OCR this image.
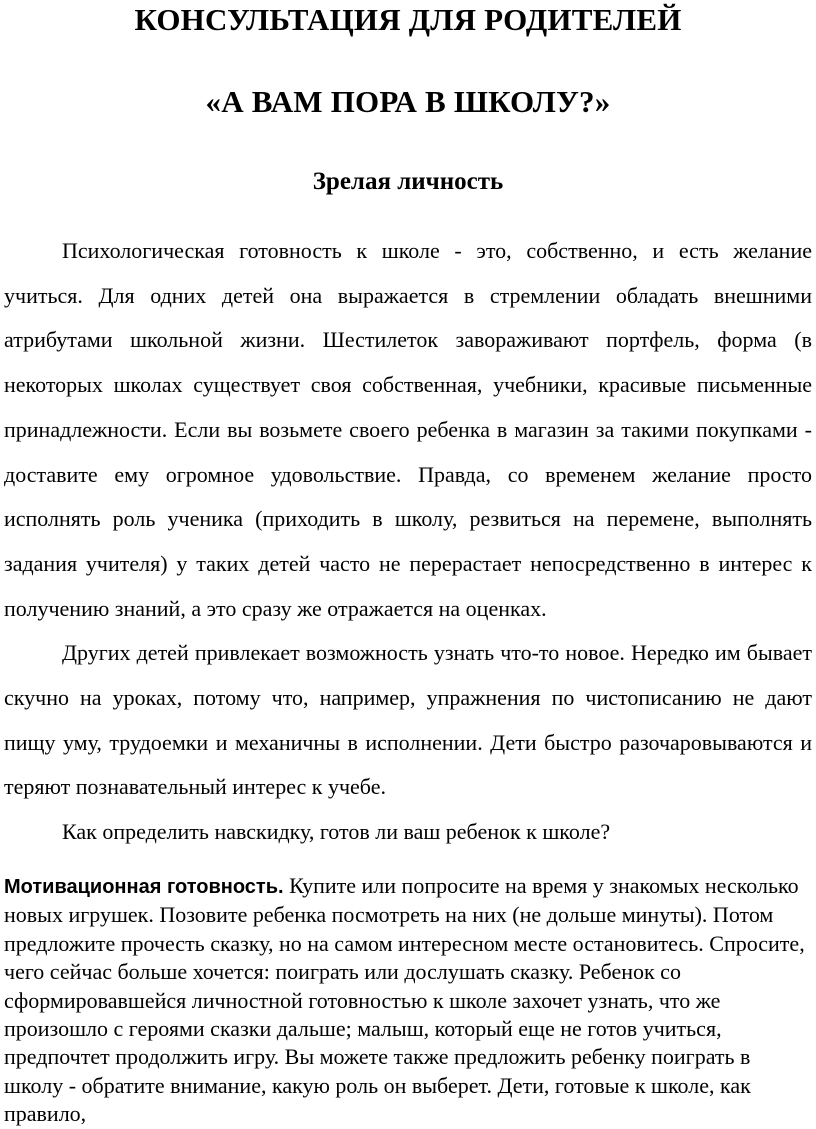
КОНСУЛЬТАЦИЯ ДЛЯ РОДИТЕЛЕЙ
«А ВАМ ПОРА В ШКОЛУ?»
Зрелая личность

Психологическая готовность к школе - это, собственно, и есть желание учиться. Для одних детей она выражается в стремлении обладать внешними атрибутами школьной жизни. Шестилеток завораживают портфель, форма (в некоторых школах существует своя собственная, учебники, красивые письменные принадлежности. Если вы возьмете своего ребенка в магазин за такими покупками - доставите ему огромное удовольствие. Правда, со временем желание просто исполнять роль ученика (приходить в школу, резвиться на перемене, выполнять задания учителя) у таких детей часто не перерастает непосредственно в интерес к получению знаний, а это сразу же отражается на оценках.

Других детей привлекает возможность узнать что-то новое. Нередко им бывает скучно на уроках, потому что, например, упражнения по чистописанию не дают пищу уму, трудоемки и механичны в исполнении. Дети быстро разочаровываются и теряют познавательный интерес к учебе.

Как определить навскидку, готов ли ваш ребенок к школе?

Мотивационная готовность. Купите или попросите на время у знакомых несколько новых игрушек. Позовите ребенка посмотреть на них (не дольше минуты). Потом предложите прочесть сказку, но на самом интересном месте остановитесь. Спросите, чего сейчас больше хочется: поиграть или дослушать сказку. Ребенок со сформировавшейся личностной готовностью к школе захочет узнать, что же произошло с героями сказки дальше; малыш, который еще не готов учиться, предпочтет продолжить игру. Вы можете также предложить ребенку поиграть в школу - обратите внимание, какую роль он выберет. Дети, готовые к школе, как правило,
